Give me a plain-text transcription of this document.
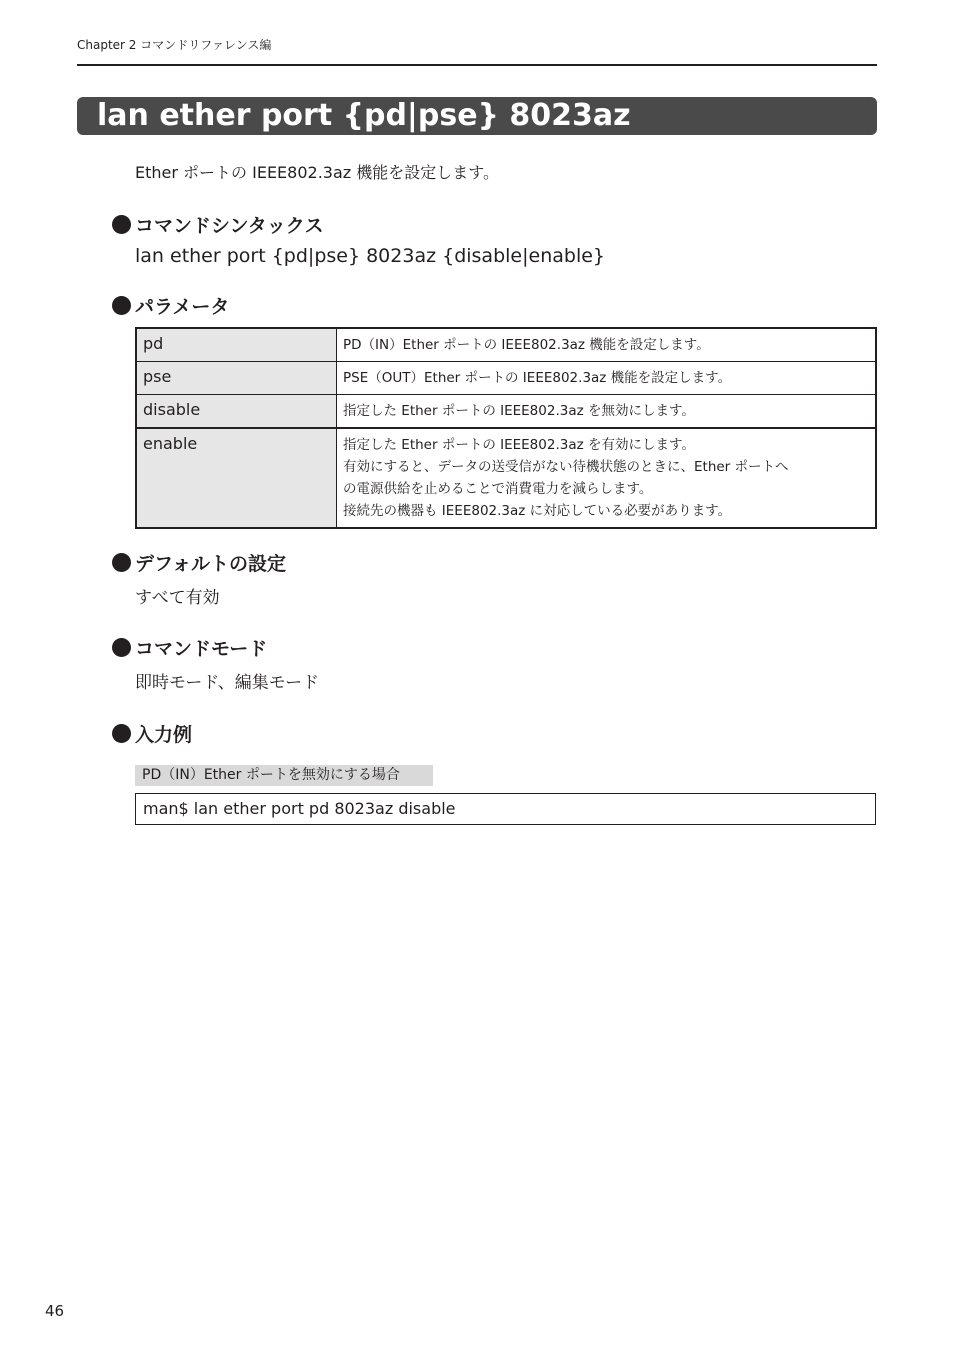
Chapter 2 コマンドリファレンス編
lan ether port {pd|pse} 8023az
Ether ポートの IEEE802.3az 機能を設定します。
コマンドシンタックス
lan ether port {pd|pse} 8023az {disable|enable}
パラメータ
pd	PD（IN）Ether ポートの IEEE802.3az 機能を設定します。

pse	PSE（OUT）Ether ポートの IEEE802.3az 機能を設定します。

disable	指定した Ether ポートの IEEE802.3az を無効にします。

enable	指定した Ether ポートの IEEE802.3az を有効にします。
有効にすると、データの送受信がない待機状態のときに、Ether ポートへ
の電源供給を止めることで消費電力を減らします。
接続先の機器も IEEE802.3az に対応している必要があります。
デフォルトの設定
すべて有効
コマンドモード
即時モード、編集モード
入力例
PD（IN）Ether ポートを無効にする場合
man$ lan ether port pd 8023az disable
46
